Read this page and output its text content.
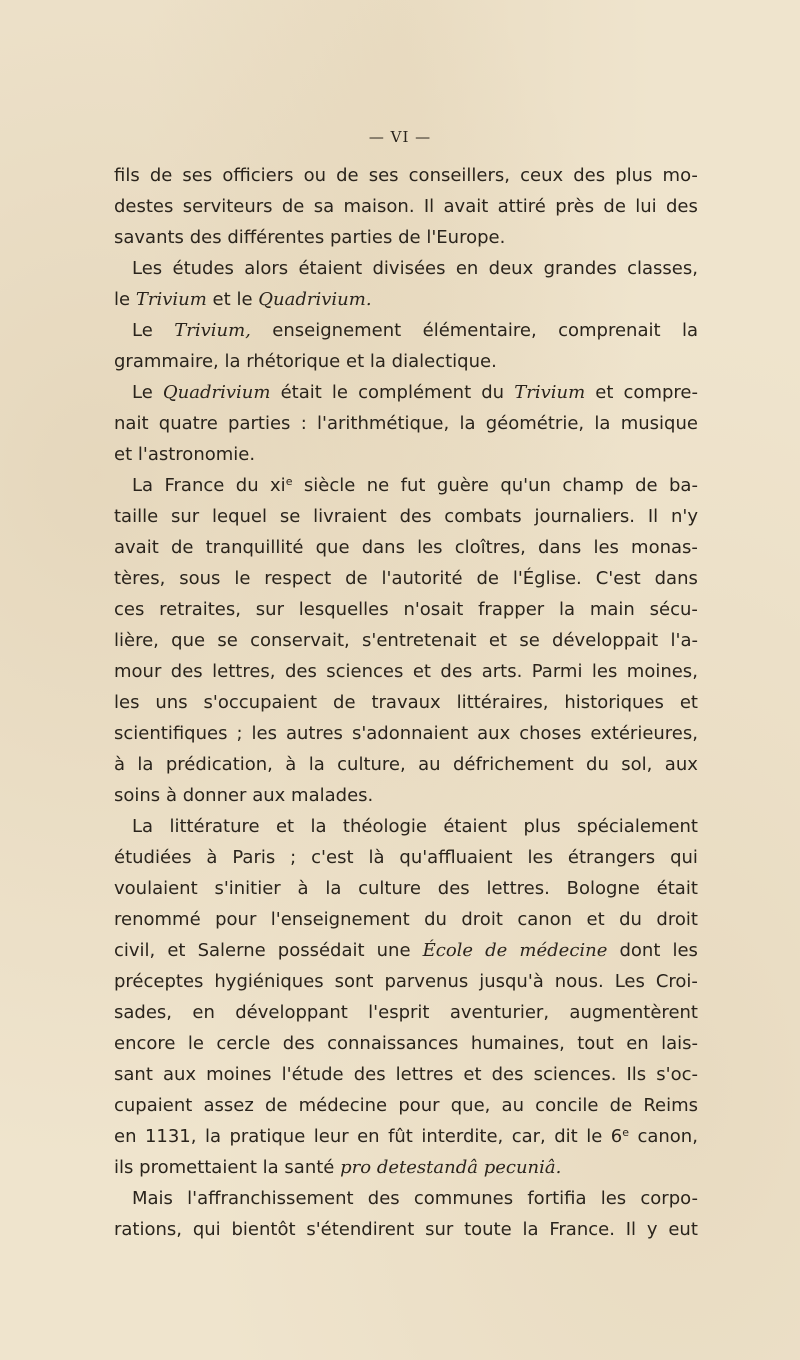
— VI —
fils de ses officiers ou de ses conseillers, ceux des plus mo-
destes serviteurs de sa maison. Il avait attiré près de lui des
savants des différentes parties de l'Europe.
Les études alors étaient divisées en deux grandes classes,
le Trivium et le Quadrivium.
Le Trivium, enseignement élémentaire, comprenait la
grammaire, la rhétorique et la dialectique.
Le Quadrivium était le complément du Trivium et compre-
nait quatre parties : l'arithmétique, la géométrie, la musique
et l'astronomie.
La France du $xi^e$ siècle ne fut guère qu'un champ de ba-
taille sur lequel se livraient des combats journaliers. Il n'y
avait de tranquillité que dans les cloîtres, dans les monas-
tères, sous le respect de l'autorité de l'Église. C'est dans
ces retraites, sur lesquelles n'osait frapper la main sécu-
lière, que se conservait, s'entretenait et se développait l'a-
mour des lettres, des sciences et des arts. Parmi les moines,
les uns s'occupaient de travaux littéraires, historiques et
scientifiques ; les autres s'adonnaient aux choses extérieures,
à la prédication, à la culture, au défrichement du sol, aux
soins à donner aux malades.
La littérature et la théologie étaient plus spécialement
étudiées à Paris ; c'est là qu'affluaient les étrangers qui
voulaient s'initier à la culture des lettres. Bologne était
renommé pour l'enseignement du droit canon et du droit
civil, et Salerne possédait une École de médecine dont les
préceptes hygiéniques sont parvenus jusqu'à nous. Les Croi-
sades, en développant l'esprit aventurier, augmentèrent
encore le cercle des connaissances humaines, tout en lais-
sant aux moines l'étude des lettres et des sciences. Ils s'oc-
cupaient assez de médecine pour que, au concile de Reims
en 1131, la pratique leur en fût interdite, car, dit le 6e canon,
ils promettaient la santé pro detestandâ pecuniâ.
Mais l'affranchissement des communes fortifia les corpo-
rations, qui bientôt s'étendirent sur toute la France. Il y eut
